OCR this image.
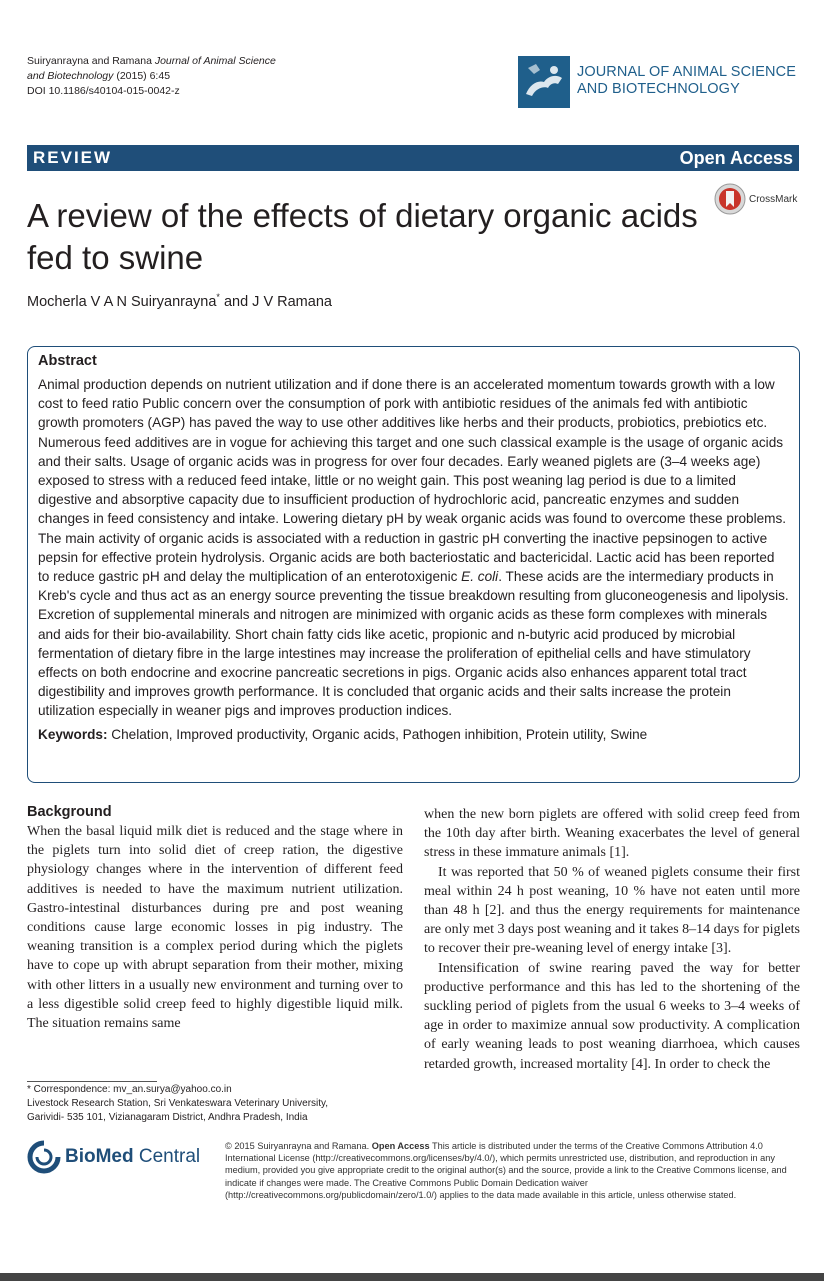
Suiryanrayna and Ramana Journal of Animal Science
and Biotechnology (2015) 6:45
DOI 10.1186/s40104-015-0042-z
JOURNAL OF ANIMAL SCIENCE
AND BIOTECHNOLOGY
REVIEW	Open Access
A review of the effects of dietary organic acids fed to swine
CrossMark
Mocherla V A N Suiryanrayna* and J V Ramana
Abstract

Animal production depends on nutrient utilization and if done there is an accelerated momentum towards growth with a low cost to feed ratio Public concern over the consumption of pork with antibiotic residues of the animals fed with antibiotic growth promoters (AGP) has paved the way to use other additives like herbs and their products, probiotics, prebiotics etc. Numerous feed additives are in vogue for achieving this target and one such classical example is the usage of organic acids and their salts. Usage of organic acids was in progress for over four decades. Early weaned piglets are (3–4 weeks age) exposed to stress with a reduced feed intake, little or no weight gain. This post weaning lag period is due to a limited digestive and absorptive capacity due to insufficient production of hydrochloric acid, pancreatic enzymes and sudden changes in feed consistency and intake. Lowering dietary pH by weak organic acids was found to overcome these problems. The main activity of organic acids is associated with a reduction in gastric pH converting the inactive pepsinogen to active pepsin for effective protein hydrolysis. Organic acids are both bacteriostatic and bactericidal. Lactic acid has been reported to reduce gastric pH and delay the multiplication of an enterotoxigenic E. coli. These acids are the intermediary products in Kreb's cycle and thus act as an energy source preventing the tissue breakdown resulting from gluconeogenesis and lipolysis. Excretion of supplemental minerals and nitrogen are minimized with organic acids as these form complexes with minerals and aids for their bio-availability. Short chain fatty cids like acetic, propionic and n-butyric acid produced by microbial fermentation of dietary fibre in the large intestines may increase the proliferation of epithelial cells and have stimulatory effects on both endocrine and exocrine pancreatic secretions in pigs. Organic acids also enhances apparent total tract digestibility and improves growth performance. It is concluded that organic acids and their salts increase the protein utilization especially in weaner pigs and improves production indices.

Keywords: Chelation, Improved productivity, Organic acids, Pathogen inhibition, Protein utility, Swine

Background

When the basal liquid milk diet is reduced and the stage where in the piglets turn into solid diet of creep ration, the digestive physiology changes where in the intervention of different feed additives is needed to have the maximum nutrient utilization. Gastro-intestinal disturbances during pre and post weaning conditions cause large economic losses in pig industry. The weaning transition is a complex period during which the piglets have to cope up with abrupt separation from their mother, mixing with other litters in a usually new environment and turning over to a less digestible solid creep feed to highly digestible liquid milk. The situation remains same

when the new born piglets are offered with solid creep feed from the 10th day after birth. Weaning exacerbates the level of general stress in these immature animals [1].

It was reported that 50 % of weaned piglets consume their first meal within 24 h post weaning, 10 % have not eaten until more than 48 h [2]. and thus the energy requirements for maintenance are only met 3 days post weaning and it takes 8–14 days for piglets to recover their pre-weaning level of energy intake [3].

Intensification of swine rearing paved the way for better productive performance and this has led to the shortening of the suckling period of piglets from the usual 6 weeks to 3–4 weeks of age in order to maximize annual sow productivity. A complication of early weaning leads to post weaning diarrhoea, which causes retarded growth, increased mortality [4]. In order to check the

* Correspondence: mv_an.surya@yahoo.co.in
Livestock Research Station, Sri Venkateswara Veterinary University,
Garividi- 535 101, Vizianagaram District, Andhra Pradesh, India
BioMed Central	© 2015 Suiryanrayna and Ramana. Open Access This article is distributed under the terms of the Creative Commons Attribution 4.0 International License (http://creativecommons.org/licenses/by/4.0/), which permits unrestricted use, distribution, and reproduction in any medium, provided you give appropriate credit to the original author(s) and the source, provide a link to the Creative Commons license, and indicate if changes were made. The Creative Commons Public Domain Dedication waiver (http://creativecommons.org/publicdomain/zero/1.0/) applies to the data made available in this article, unless otherwise stated.
